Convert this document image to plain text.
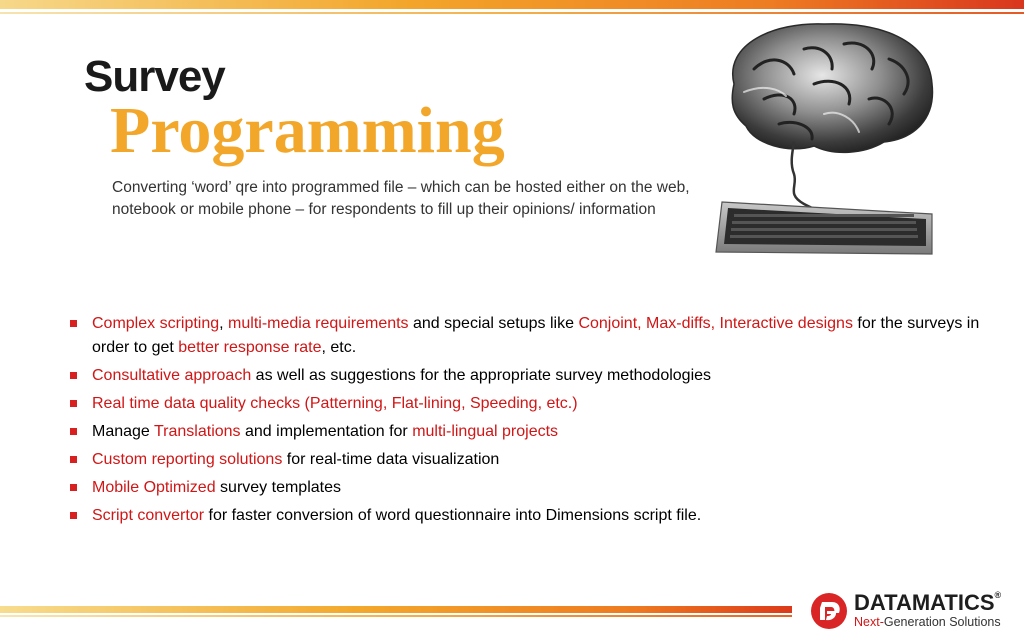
Survey
Programming
Converting ‘word’ qre into programmed file – which can be hosted either on the web, notebook or mobile phone – for respondents to fill up their opinions/ information
Complex scripting, multi-media requirements and special setups like Conjoint, Max-diffs, Interactive designs for the surveys in order to get better response rate, etc.
Consultative approach as well as suggestions for the appropriate survey methodologies
Real time data quality checks (Patterning, Flat-lining, Speeding, etc.)
Manage Translations and implementation for multi-lingual projects
Custom reporting solutions for real-time data visualization
Mobile Optimized survey templates
Script convertor for faster conversion of word questionnaire into Dimensions script file.
DATAMATICS®
Next-Generation Solutions
